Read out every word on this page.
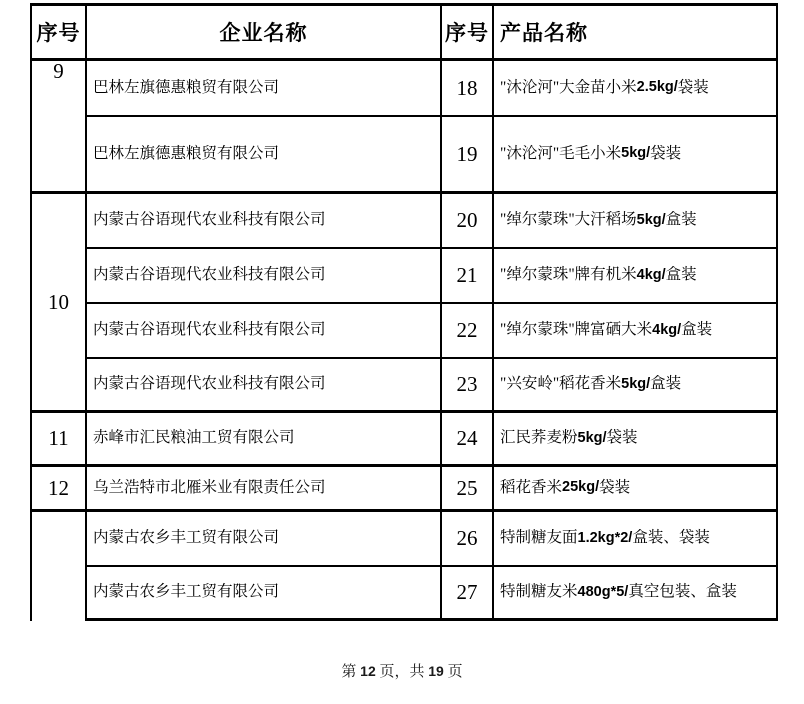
序号	企业名称	序号 产品名称
9
巴林左旗德惠粮贸有限公司	18	"沐沦河"大金苗小米 2.5kg/ 袋装
巴林左旗德惠粮贸有限公司	19	"沐沦河"毛毛小米 5kg/ 袋装
10
内蒙古谷语现代农业科技有限公司	20	"绰尔蒙珠"大汗稻场 5kg/ 盒装
内蒙古谷语现代农业科技有限公司	21	"绰尔蒙珠"牌有机米 4kg/ 盒装
内蒙古谷语现代农业科技有限公司	22	"绰尔蒙珠"牌富硒大米 4kg/ 盒装
内蒙古谷语现代农业科技有限公司	23	"兴安岭"稻花香米 5kg/ 盒装
11	赤峰市汇民粮油工贸有限公司	24	汇民荞麦粉 5kg/ 袋装
12	乌兰浩特市北雁米业有限责任公司	25	稻花香米 25kg/ 袋装
内蒙古农乡丰工贸有限公司	26	特制糖友面 1.2kg*2/ 盒装、袋装
内蒙古农乡丰工贸有限公司	27	特制糖友米 480g*5/ 真空包装、盒装
第 12 页，共 19 页
